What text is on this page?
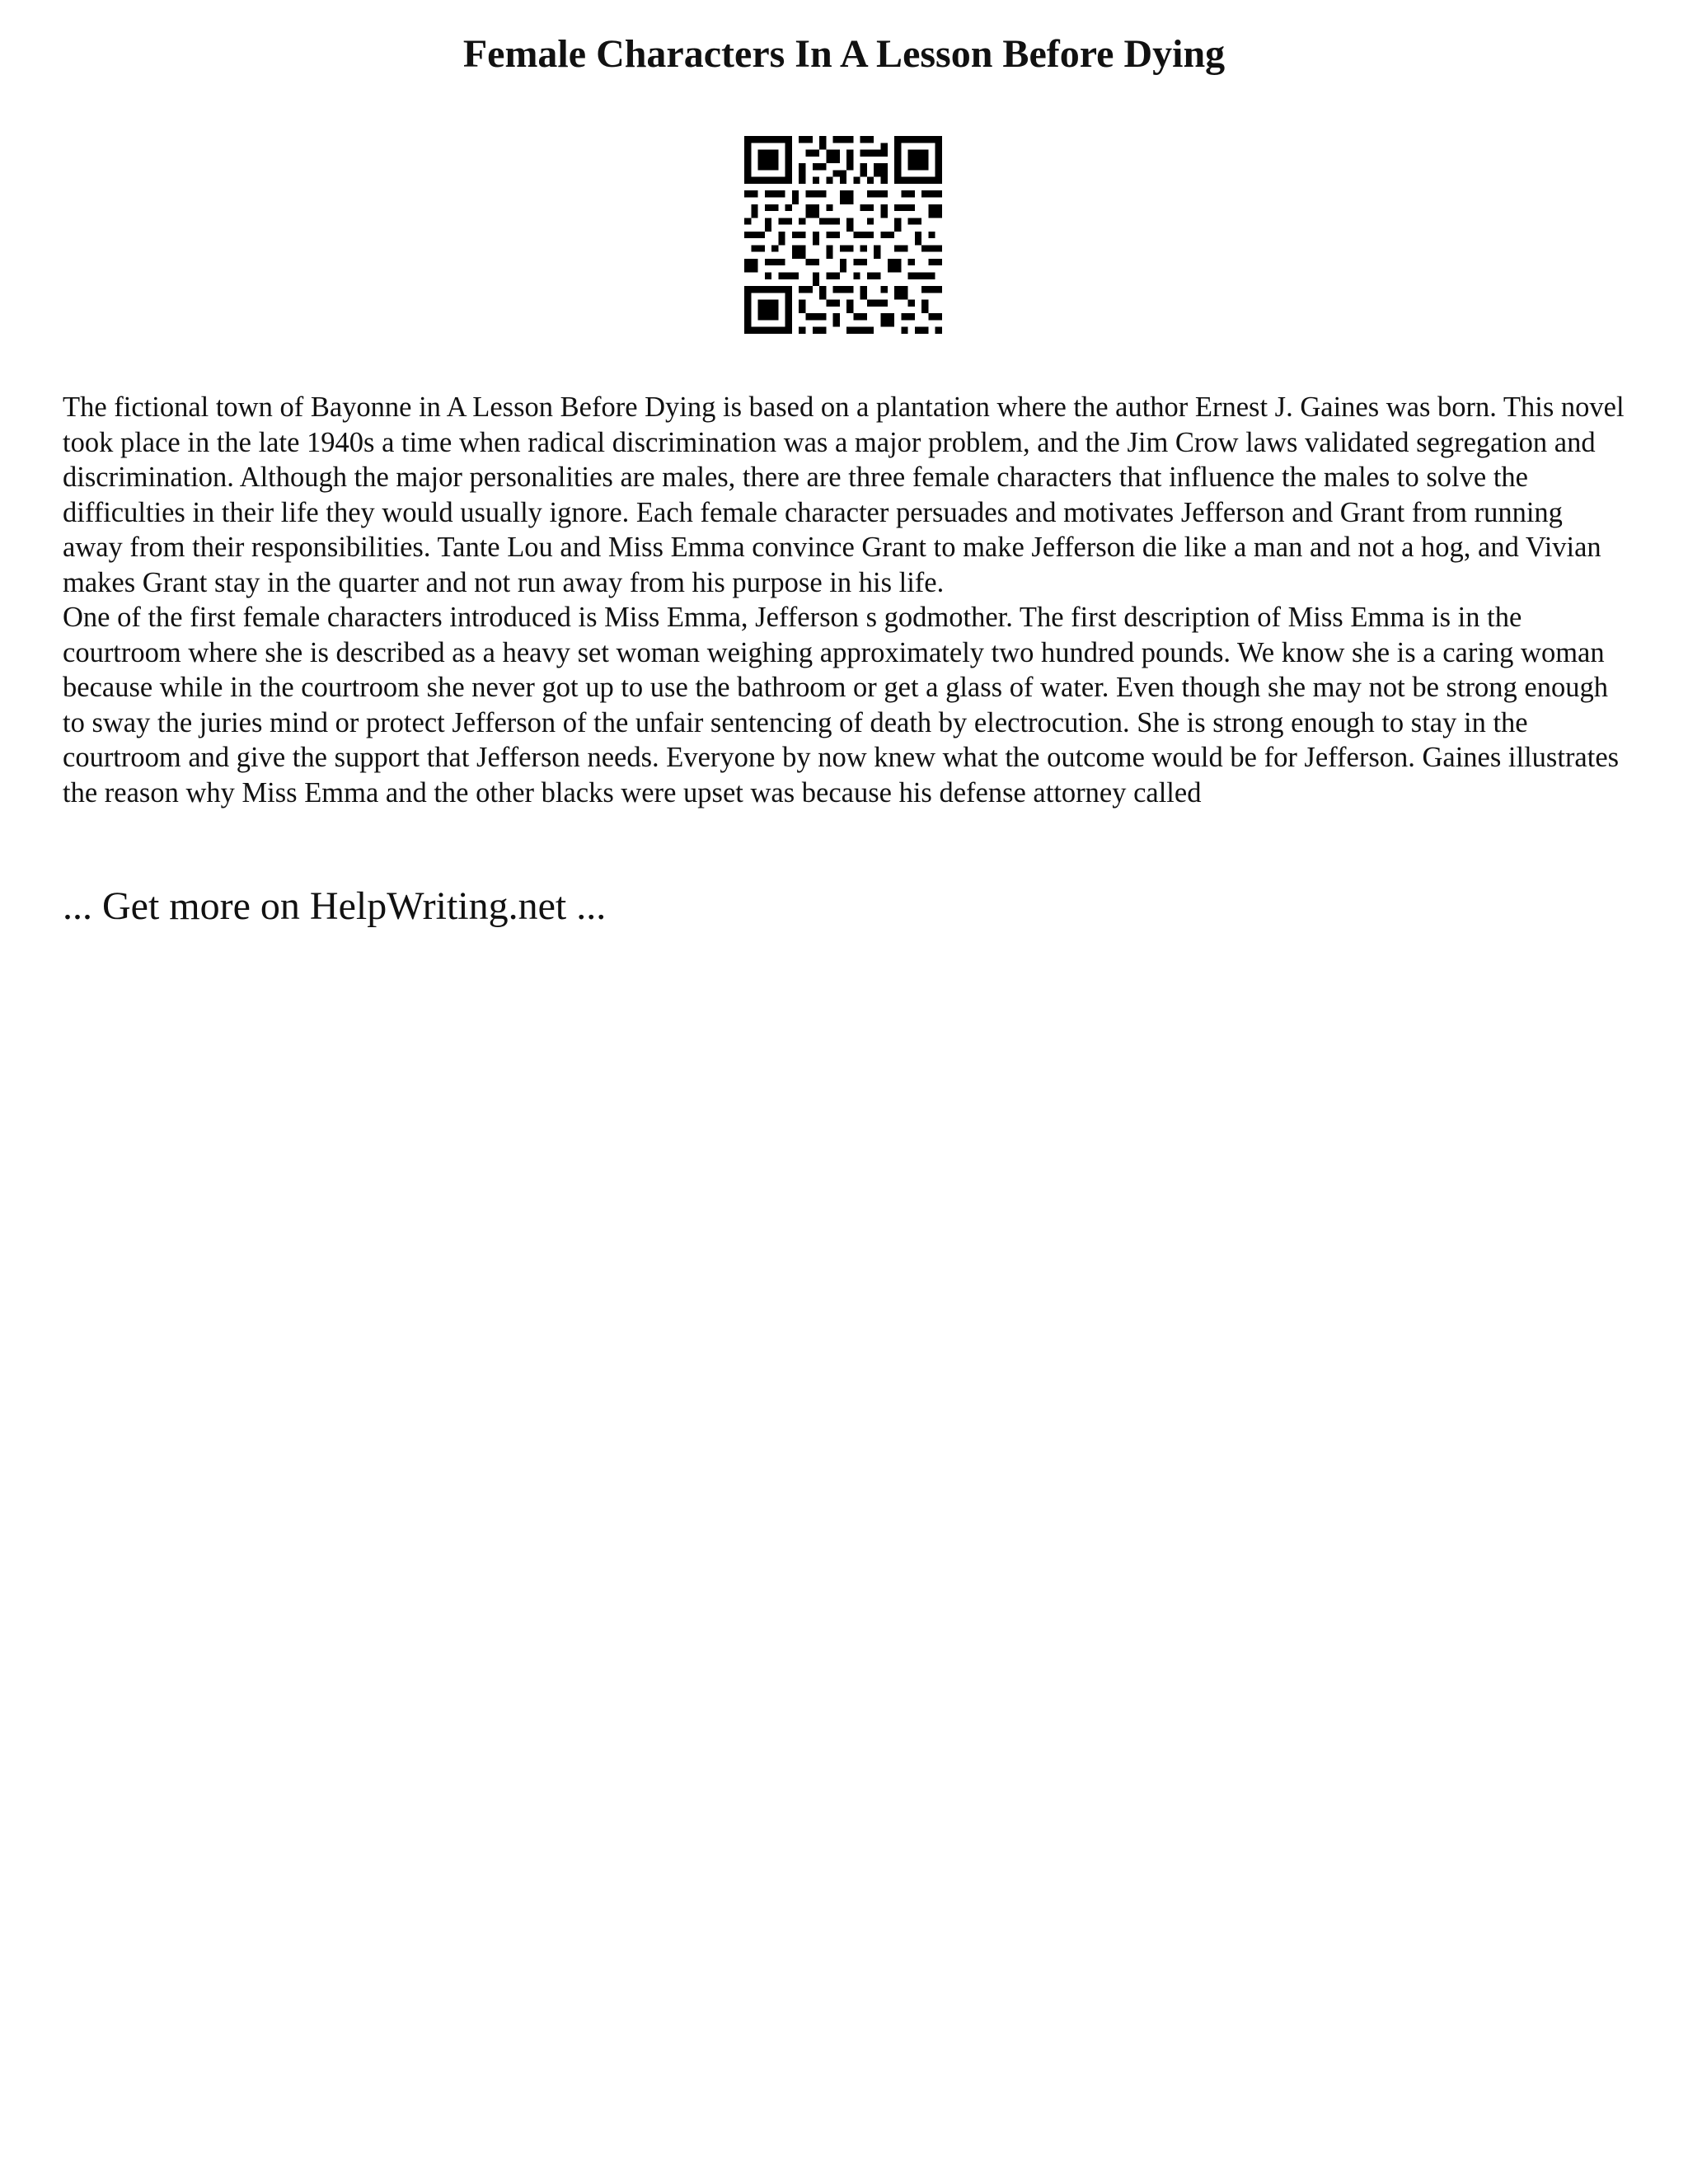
Female Characters In A Lesson Before Dying

The fictional town of Bayonne in A Lesson Before Dying is based on a plantation where the author Ernest J. Gaines was born. This novel took place in the late 1940s a time when radical discrimination was a major problem, and the Jim Crow laws validated segregation and discrimination. Although the major personalities are males, there are three female characters that influence the males to solve the difficulties in their life they would usually ignore. Each female character persuades and motivates Jefferson and Grant from running away from their responsibilities. Tante Lou and Miss Emma convince Grant to make Jefferson die like a man and not a hog, and Vivian makes Grant stay in the quarter and not run away from his purpose in his life.

One of the first female characters introduced is Miss Emma, Jefferson s godmother. The first description of Miss Emma is in the courtroom where she is described as a heavy set woman weighing approximately two hundred pounds. We know she is a caring woman because while in the courtroom she never got up to use the bathroom or get a glass of water. Even though she may not be strong enough to sway the juries mind or protect Jefferson of the unfair sentencing of death by electrocution. She is strong enough to stay in the courtroom and give the support that Jefferson needs. Everyone by now knew what the outcome would be for Jefferson. Gaines illustrates the reason why Miss Emma and the other blacks were upset was because his defense attorney called

... Get more on HelpWriting.net ...
